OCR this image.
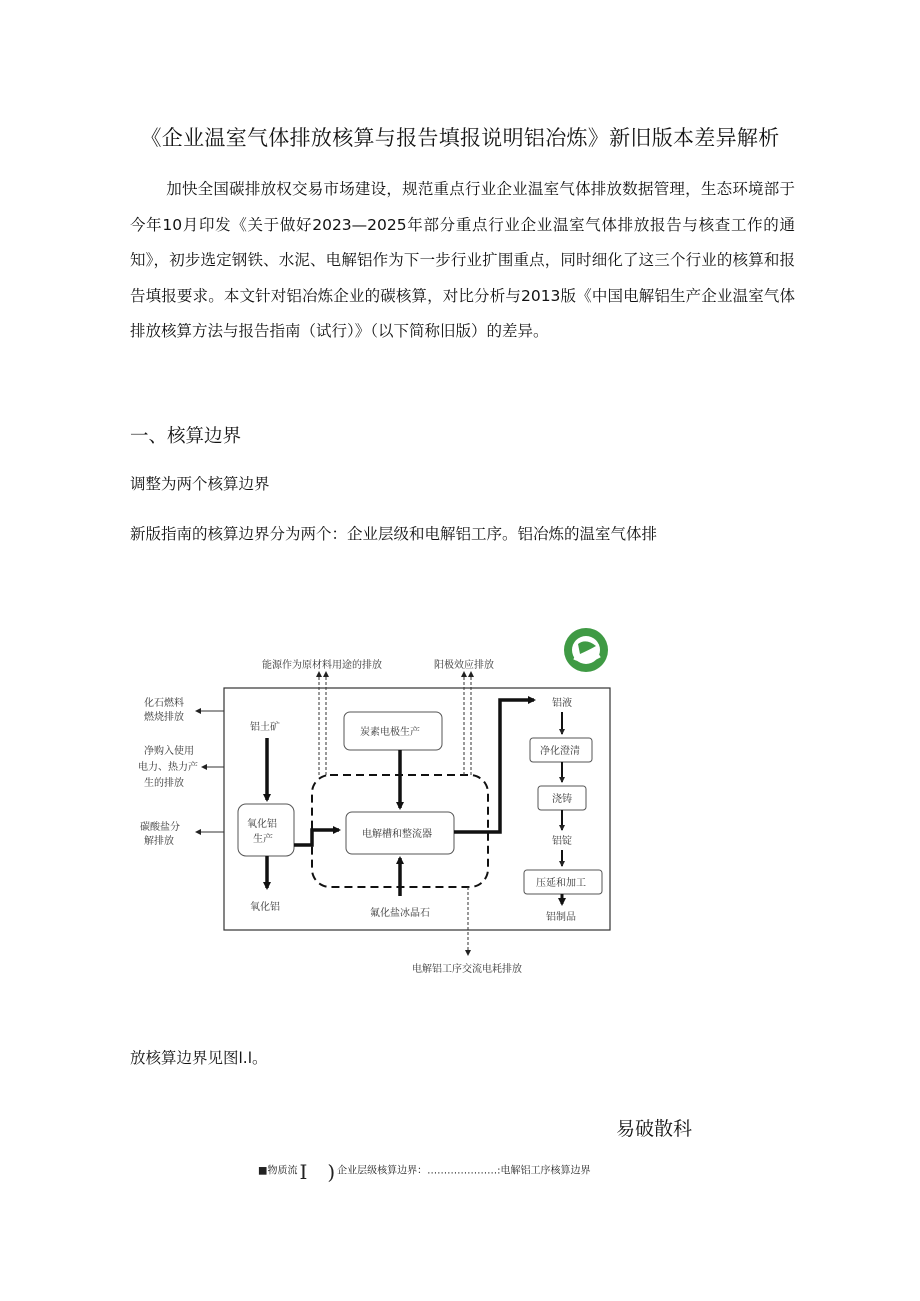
《企业温室气体排放核算与报告填报说明铝冶炼》新旧版本差异解析
加快全国碳排放权交易市场建设，规范重点行业企业温室气体排放数据管理，生态环境部于今年10月印发《关于做好2023—2025年部分重点行业企业温室气体排放报告与核查工作的通知》，初步选定钢铁、水泥、电解铝作为下一步行业扩围重点，同时细化了这三个行业的核算和报告填报要求。本文针对铝冶炼企业的碳核算，对比分析与2013版《中国电解铝生产企业温室气体排放核算方法与报告指南（试行）》（以下简称旧版）的差异。
一、核算边界
调整为两个核算边界
新版指南的核算边界分为两个：企业层级和电解铝工序。铝冶炼的温室气体排
能源作为原材料用途的排放	阳极效应排放
电解铝工序交流电耗排放
化石燃料
燃烧排放
净购入使用
电力、热力产
生的排放
碳酸盐分
解排放
铝土矿
氧化铝
生产
氧化铝
炭素电极生产
电解槽和整流器
氟化盐冰晶石
铝液
净化澄清
浇铸
铝锭
压延和加工
铝制品
放核算边界见图l.l。
易破散科
■物质流 I　) 企业层级核算边界：…………………:电解铝工序核算边界
